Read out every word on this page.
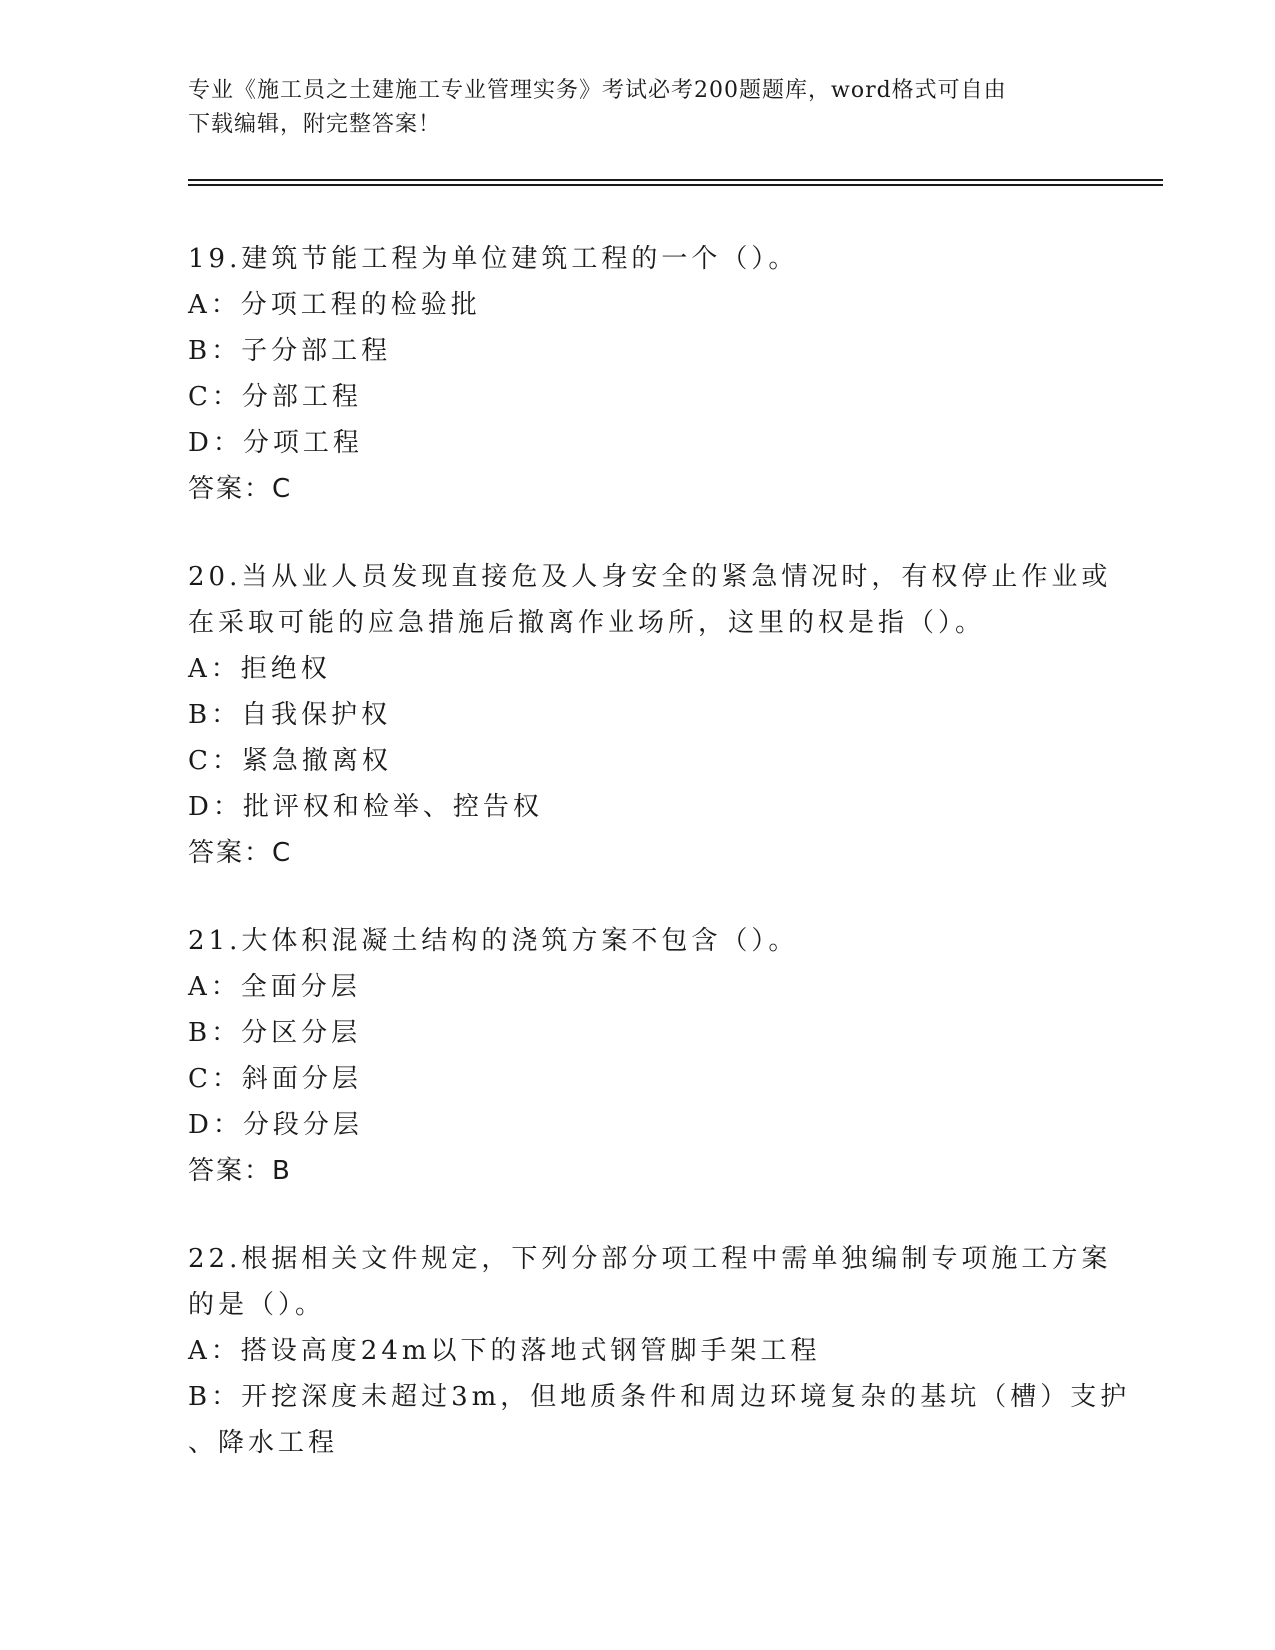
专业《施工员之土建施工专业管理实务》考试必考200题题库，word格式可自由
下载编辑，附完整答案！
19.建筑节能工程为单位建筑工程的一个（）。
A：分项工程的检验批
B：子分部工程
C：分部工程
D：分项工程
答案：C
20.当从业人员发现直接危及人身安全的紧急情况时，有权停止作业或
在采取可能的应急措施后撤离作业场所，这里的权是指（）。
A：拒绝权
B：自我保护权
C：紧急撤离权
D：批评权和检举、控告权
答案：C
21.大体积混凝土结构的浇筑方案不包含（）。
A：全面分层
B：分区分层
C：斜面分层
D：分段分层
答案：B
22.根据相关文件规定，下列分部分项工程中需单独编制专项施工方案
的是（）。
A：搭设高度24m以下的落地式钢管脚手架工程
B：开挖深度未超过3m，但地质条件和周边环境复杂的基坑（槽）支护
、降水工程
